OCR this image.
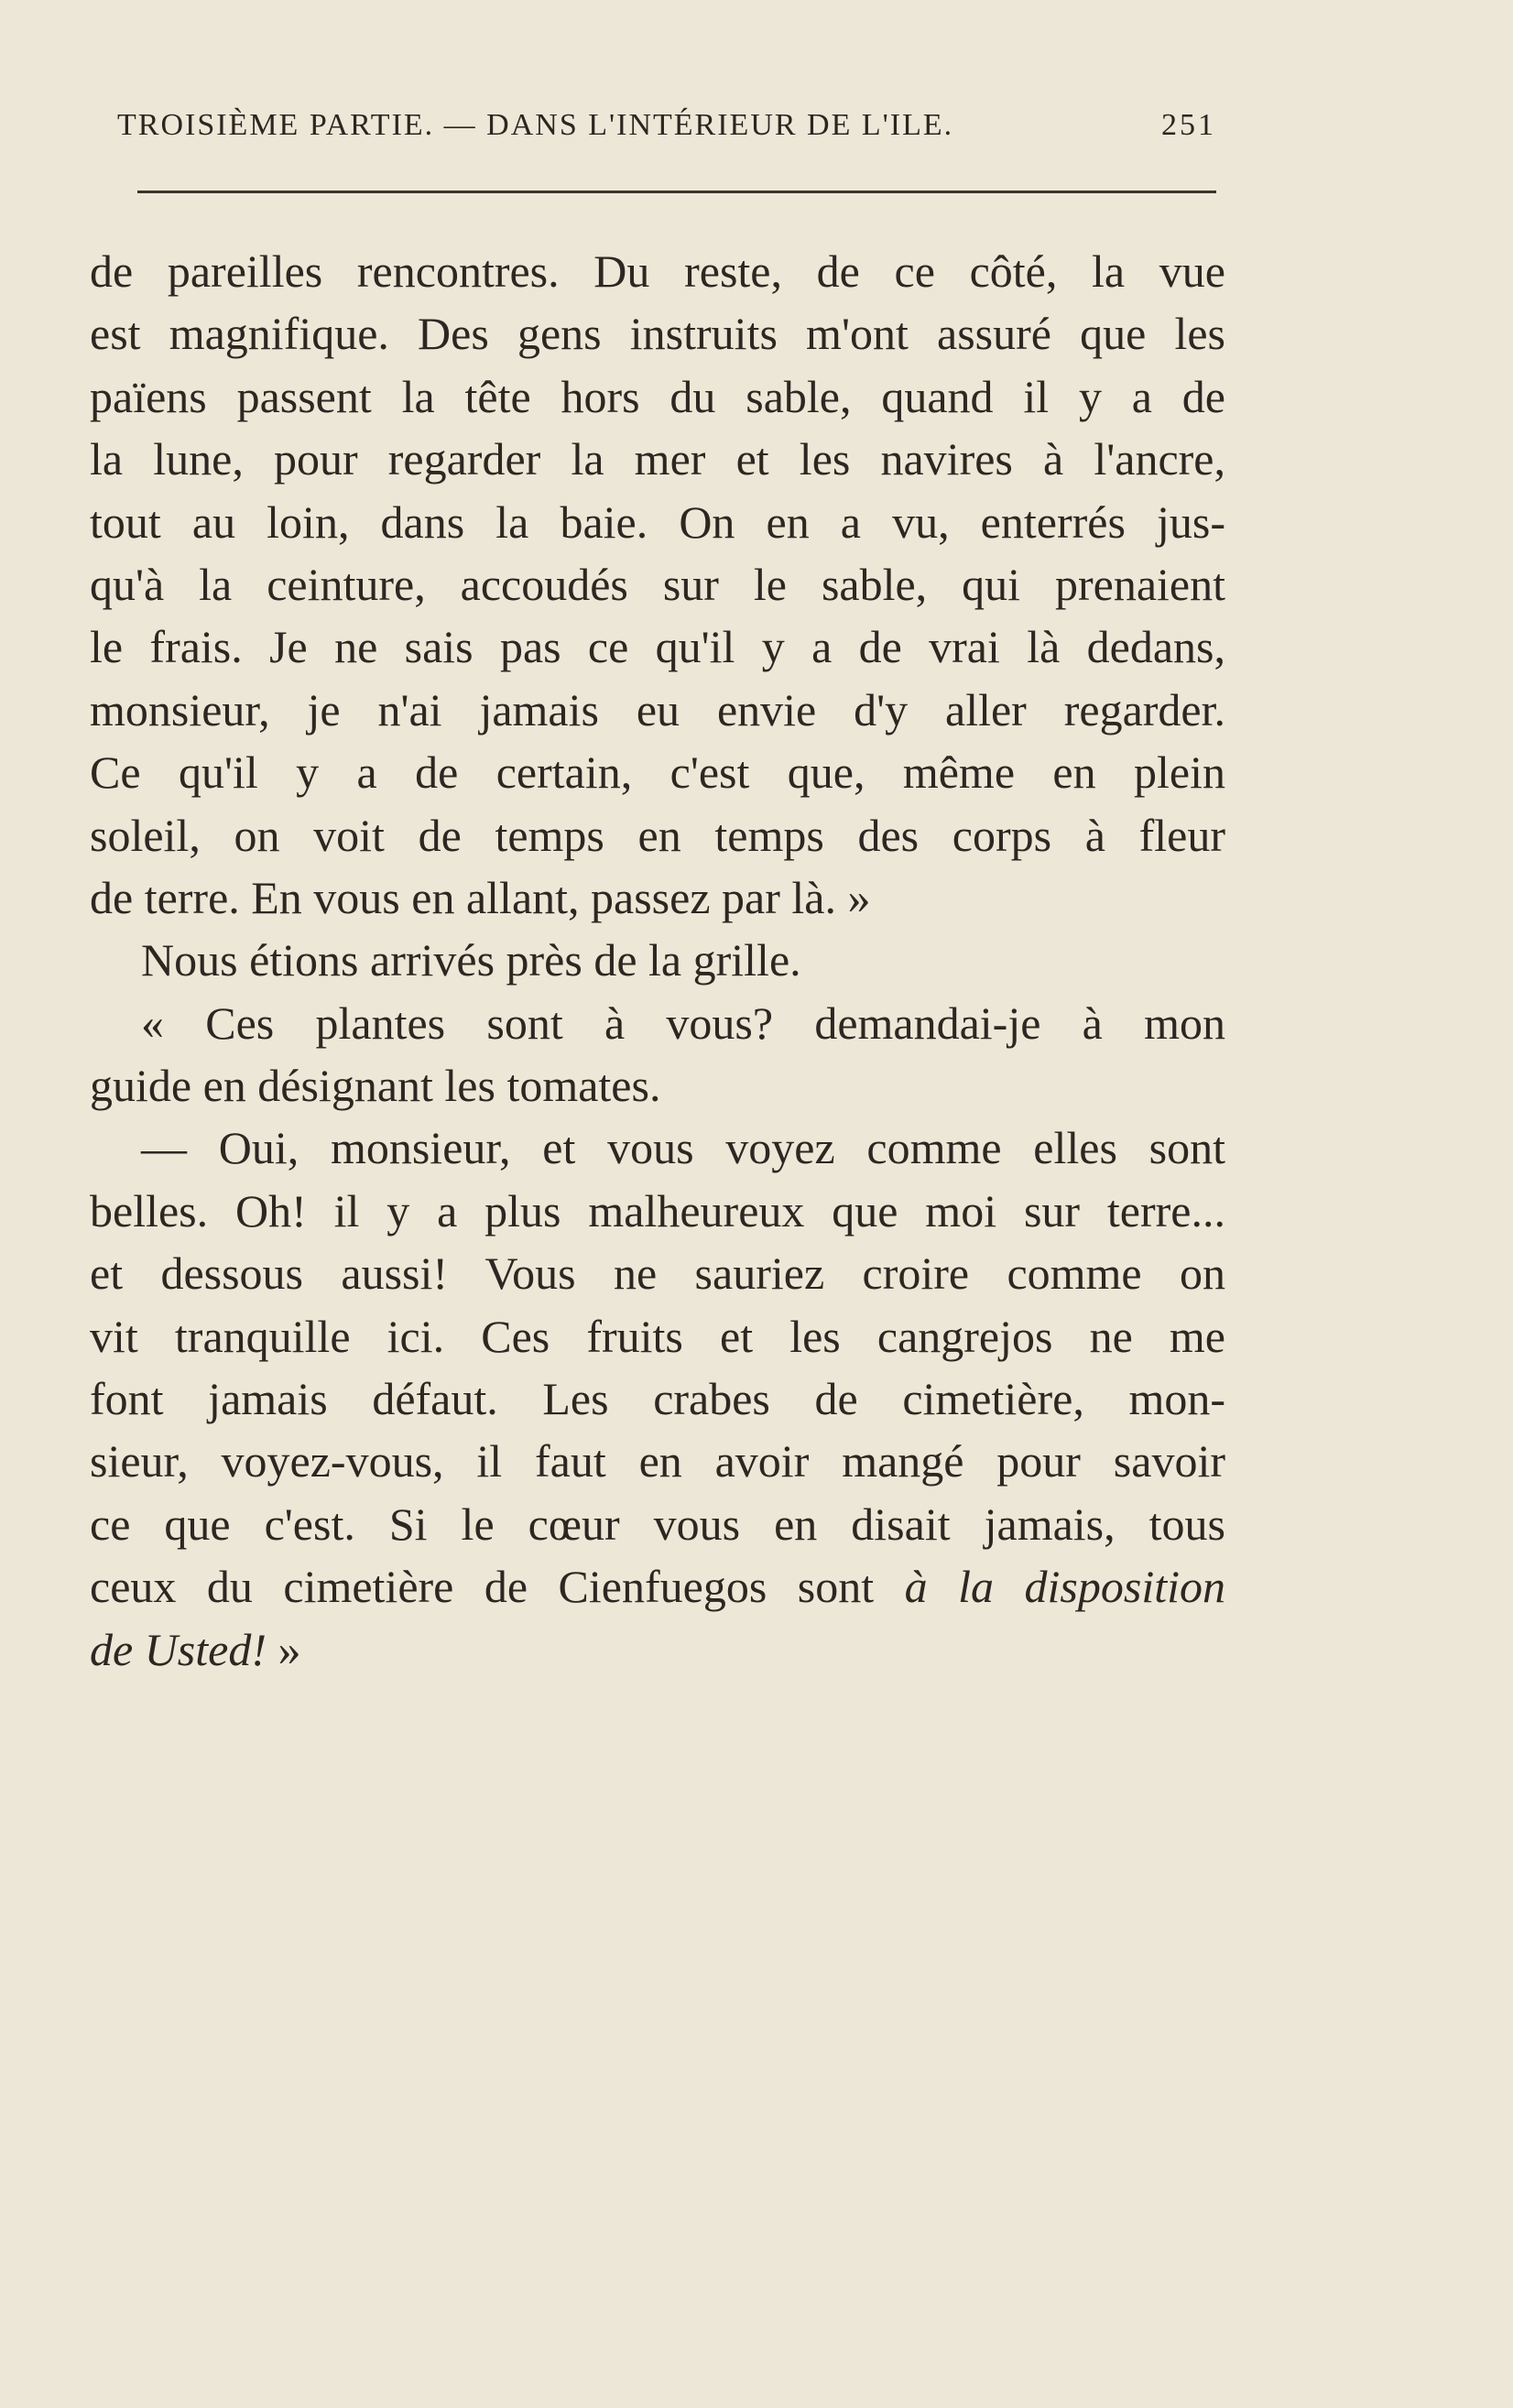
TROISIÈME PARTIE. — DANS L'INTÉRIEUR DE L'ILE.	251
de pareilles rencontres. Du reste, de ce côté, la vue
est magnifique. Des gens instruits m'ont assuré que les
païens passent la tête hors du sable, quand il y a de
la lune, pour regarder la mer et les navires à l'ancre,
tout au loin, dans la baie. On en a vu, enterrés jus-
qu'à la ceinture, accoudés sur le sable, qui prenaient
le frais. Je ne sais pas ce qu'il y a de vrai là dedans,
monsieur, je n'ai jamais eu envie d'y aller regarder.
Ce qu'il y a de certain, c'est que, même en plein
soleil, on voit de temps en temps des corps à fleur
de terre. En vous en allant, passez par là. »
Nous étions arrivés près de la grille.
« Ces plantes sont à vous? demandai-je à mon
guide en désignant les tomates.
— Oui, monsieur, et vous voyez comme elles sont
belles. Oh! il y a plus malheureux que moi sur terre...
et dessous aussi! Vous ne sauriez croire comme on
vit tranquille ici. Ces fruits et les cangrejos ne me
font jamais défaut. Les crabes de cimetière, mon-
sieur, voyez-vous, il faut en avoir mangé pour savoir
ce que c'est. Si le cœur vous en disait jamais, tous
ceux du cimetière de Cienfuegos sont à la disposition
de Usted! »
